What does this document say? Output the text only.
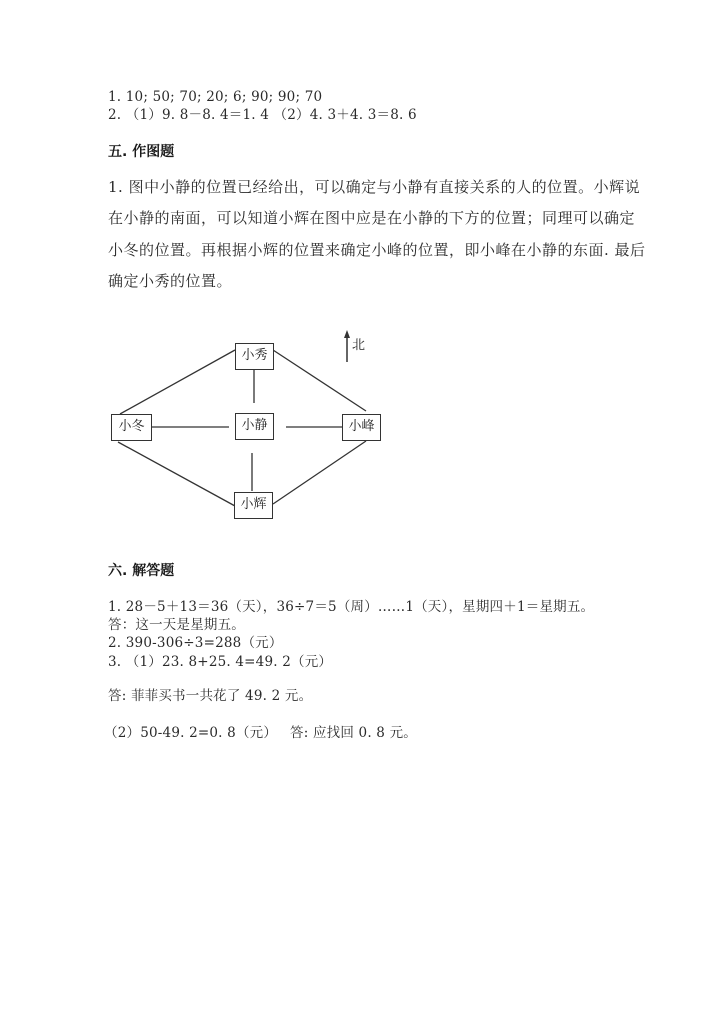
1. 10; 50; 70; 20; 6; 90; 90; 70
2. （1）9. 8－8. 4＝1. 4 （2）4. 3＋4. 3＝8. 6
五. 作图题
1. 图中小静的位置已经给出，可以确定与小静有直接关系的人的位置。小辉说
在小静的南面，可以知道小辉在图中应是在小静的下方的位置；同理可以确定
小冬的位置。再根据小辉的位置来确定小峰的位置，即小峰在小静的东面. 最后
确定小秀的位置。
北
小秀
小冬	小静	小峰
小辉
六. 解答题
1. 28－5＋13＝36（天），36÷7＝5（周）……1（天），星期四＋1＝星期五。
答：这一天是星期五。
2. 390-306÷3=288（元）
3. （1）23. 8+25. 4=49. 2（元）
答: 菲菲买书一共花了 49. 2 元。
（2）50-49. 2=0. 8（元） 答: 应找回 0. 8 元。
